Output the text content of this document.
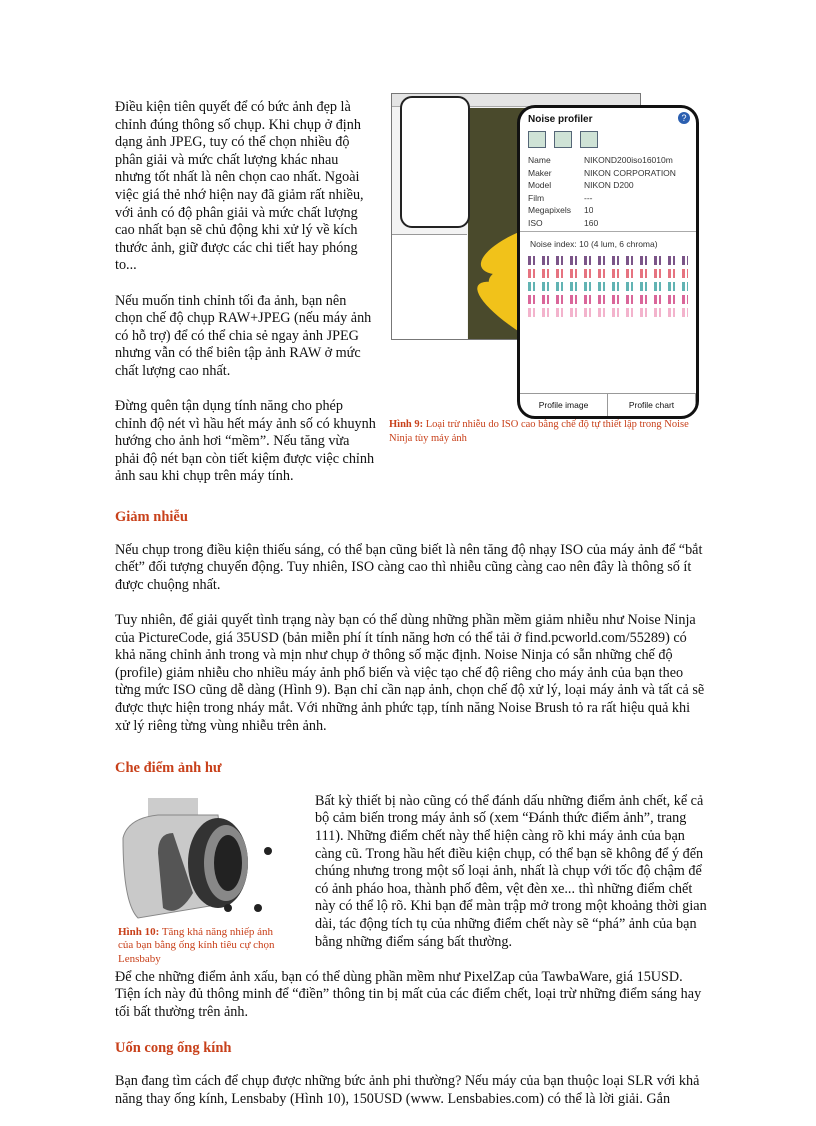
Noise profiler	?
Name	NIKOND200iso16010m
Maker	NIKON CORPORATION
Model	NIKON D200
Film	---
Megapixels	10
ISO	160
Noise index: 10 (4 lum, 6 chroma)
Profile image	Profile chart

Hình 9: Loại trừ nhiễu do ISO cao bằng chế độ tự thiết lập trong Noise Ninja tùy máy ảnh

Điều kiện tiên quyết để có bức ảnh đẹp là chỉnh đúng thông số chụp. Khi chụp ở định dạng ảnh JPEG, tuy có thể chọn nhiều độ phân giải và mức chất lượng khác nhau nhưng tốt nhất là nên chọn cao nhất. Ngoài việc giá thẻ nhớ hiện nay đã giảm rất nhiều, với ảnh có độ phân giải và mức chất lượng cao nhất bạn sẽ chủ động khi xử lý về kích thước ảnh, giữ được các chi tiết hay phóng to...

Nếu muốn tinh chỉnh tối đa ảnh, bạn nên chọn chế độ chụp RAW+JPEG (nếu máy ảnh có hỗ trợ) để có thể chia sẻ ngay ảnh JPEG nhưng vẫn có thể biên tập ảnh RAW ở mức chất lượng cao nhất.

Đừng quên tận dụng tính năng cho phép chỉnh độ nét vì hầu hết máy ảnh số có khuynh hướng cho ảnh hơi “mềm”. Nếu tăng vừa phải độ nét bạn còn tiết kiệm được việc chỉnh ảnh sau khi chụp trên máy tính.

Giảm nhiễu

Nếu chụp trong điều kiện thiếu sáng, có thể bạn cũng biết là nên tăng độ nhạy ISO của máy ảnh để “bắt chết” đối tượng chuyển động. Tuy nhiên, ISO càng cao thì nhiễu cũng càng cao nên đây là thông số ít được chuộng nhất.

Tuy nhiên, để giải quyết tình trạng này bạn có thể dùng những phần mềm giảm nhiễu như Noise Ninja của PictureCode, giá 35USD (bản miễn phí ít tính năng hơn có thể tải ở find.pcworld.com/55289) có khả năng chỉnh ảnh trong và mịn như chụp ở thông số mặc định. Noise Ninja có sẵn những chế độ (profile) giảm nhiễu cho nhiều máy ảnh phổ biến và việc tạo chế độ riêng cho máy ảnh của bạn theo từng mức ISO cũng dễ dàng (Hình 9). Bạn chỉ cần nạp ảnh, chọn chế độ xử lý, loại máy ảnh và tất cả sẽ được thực hiện trong nháy mắt. Với những ảnh phức tạp, tính năng Noise Brush tỏ ra rất hiệu quả khi xử lý riêng từng vùng nhiễu trên ảnh.

Che điểm ảnh hư

Hình 10: Tăng khả năng nhiếp ảnh của bạn bằng ống kính tiêu cự chọn Lensbaby

Bất kỳ thiết bị nào cũng có thể đánh dấu những điểm ảnh chết, kể cả bộ cảm biến trong máy ảnh số (xem “Đánh thức điểm ảnh”, trang 111). Những điểm chết này thể hiện càng rõ khi máy ảnh của bạn càng cũ. Trong hầu hết điều kiện chụp, có thể bạn sẽ không để ý đến chúng nhưng trong một số loại ảnh, nhất là chụp với tốc độ chậm để có ảnh pháo hoa, thành phố đêm, vệt đèn xe... thì những điểm chết này có thể lộ rõ. Khi bạn để màn trập mở trong một khoảng thời gian dài, tác động tích tụ của những điểm chết này sẽ “phá” ảnh của bạn bằng những điểm sáng bất thường.

Để che những điểm ảnh xấu, bạn có thể dùng phần mềm như PixelZap của TawbaWare, giá 15USD. Tiện ích này đủ thông minh để “điền” thông tin bị mất của các điểm chết, loại trừ những điểm sáng hay tối bất thường trên ảnh.

Uốn cong ống kính

Bạn đang tìm cách để chụp được những bức ảnh phi thường? Nếu máy của bạn thuộc loại SLR với khả năng thay ống kính, Lensbaby (Hình 10), 150USD (www. Lensbabies.com) có thể là lời giải. Gắn
